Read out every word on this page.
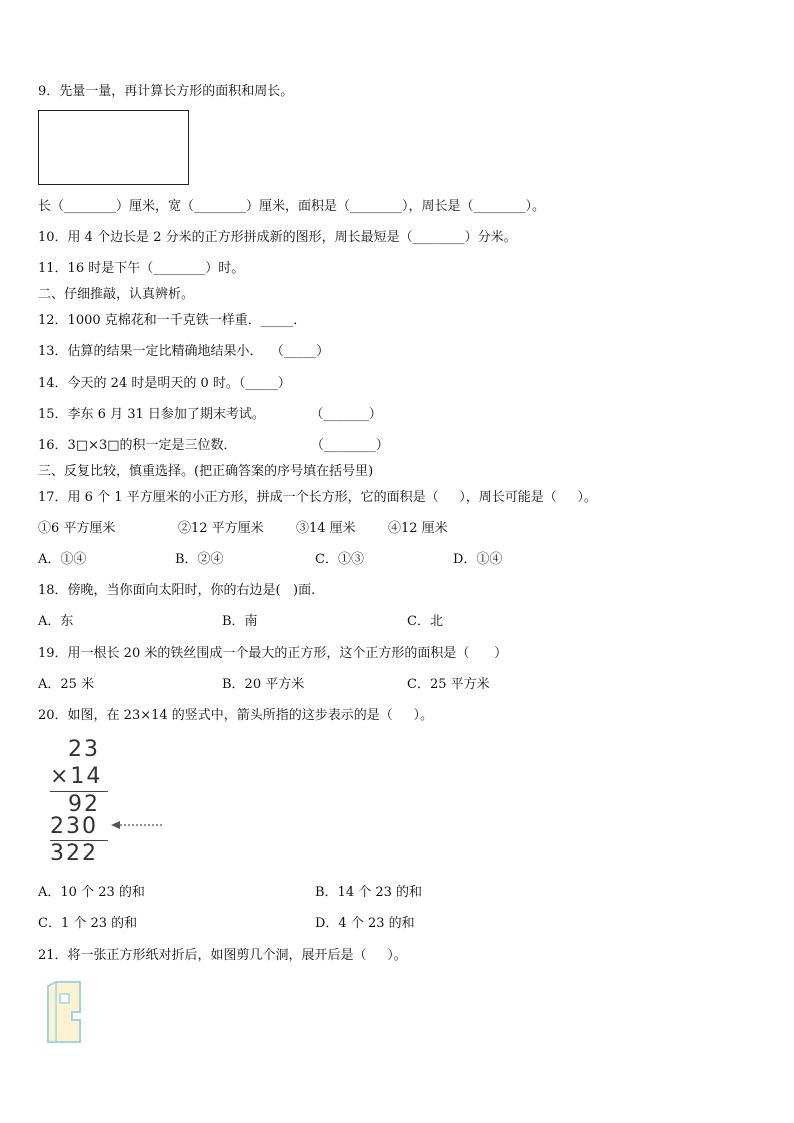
9．先量一量，再计算长方形的面积和周长。
长（________）厘米，宽（________）厘米，面积是（________），周长是（________）。
10．用 4 个边长是 2 分米的正方形拼成新的图形，周长最短是（________）分米。
11．16 时是下午（________）时。
二、仔细推敲，认真辨析。
12．1000 克棉花和一千克铁一样重．_____．
13．估算的结果一定比精确地结果小．  （_____）
14．今天的 24 时是明天的 0 时。（_____）
15．李东 6 月 31 日参加了期末考试。           （_______）
16．3□×3□的积一定是三位数．                  （________）
三、反复比较，慎重选择。(把正确答案的序号填在括号里)
17．用 6 个 1 平方厘米的小正方形，拼成一个长方形，它的面积是（     ），周长可能是（     ）。
①6 平方厘米	②12 平方厘米 ③14 厘米 ④12 厘米
A．①④	B．②④	C．①③	D．①④
18．傍晚，当你面向太阳时，你的右边是(   )面.
A．东	B．南	C．北
19．用一根长 20 米的铁丝围成一个最大的正方形，这个正方形的面积是（      ）
A．25 米	B．20 平方米	C．25 平方米
20．如图，在 23×14 的竖式中，箭头所指的这步表示的是（     ）。
23
×14
92
230
322
A．10 个 23 的和	B．14 个 23 的和
C．1 个 23 的和	D．4 个 23 的和
21．将一张正方形纸对折后，如图剪几个洞，展开后是（     ）。
